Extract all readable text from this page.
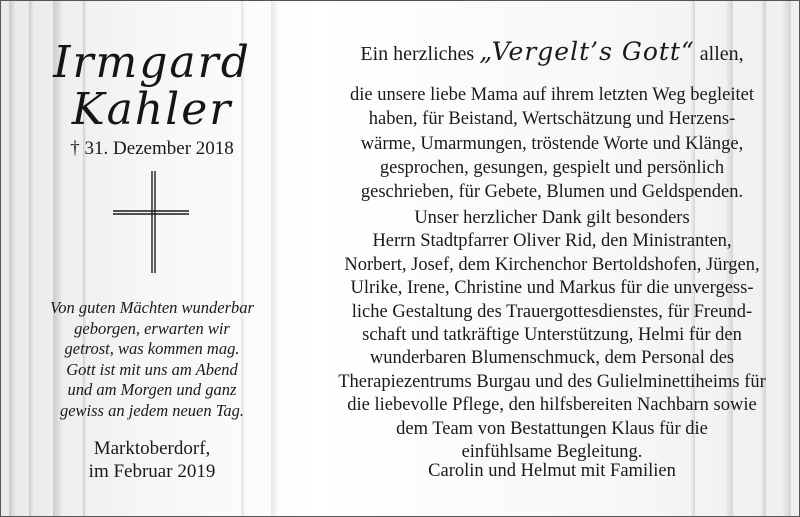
Irmgard
Kahler
† 31. Dezember 2018
Von guten Mächten wunderbar
geborgen, erwarten wir
getrost, was kommen mag.
Gott ist mit uns am Abend
und am Morgen und ganz
gewiss an jedem neuen Tag.
Marktoberdorf,
im Februar 2019
Ein herzliches „Vergelt’s Gott“ allen,
die unsere liebe Mama auf ihrem letzten Weg begleitet
haben, für Beistand, Wertschätzung und Herzens-
wärme, Umarmungen, tröstende Worte und Klänge,
gesprochen, gesungen, gespielt und persönlich
geschrieben, für Gebete, Blumen und Geldspenden.
Unser herzlicher Dank gilt besonders
Herrn Stadtpfarrer Oliver Rid, den Ministranten,
Norbert, Josef, dem Kirchenchor Bertoldshofen, Jürgen,
Ulrike, Irene, Christine und Markus für die unvergess-
liche Gestaltung des Trauergottesdienstes, für Freund-
schaft und tatkräftige Unterstützung, Helmi für den
wunderbaren Blumenschmuck, dem Personal des
Therapiezentrums Burgau und des Gulielminettiheims für
die liebevolle Pflege, den hilfsbereiten Nachbarn sowie
dem Team von Bestattungen Klaus für die
einfühlsame Begleitung.
Carolin und Helmut mit Familien
